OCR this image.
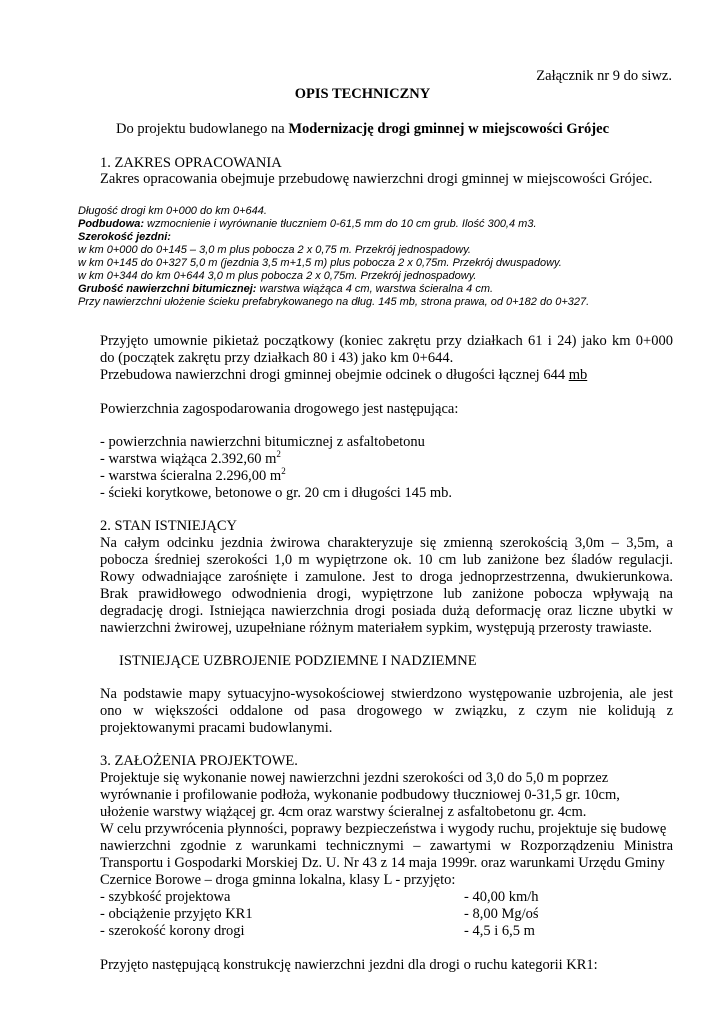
Załącznik nr 9 do siwz.
OPIS TECHNICZNY
Do projektu budowlanego na Modernizację drogi gminnej w miejscowości Grójec
1. ZAKRES OPRACOWANIA
Zakres opracowania obejmuje przebudowę nawierzchni drogi gminnej w miejscowości Grójec.
Długość drogi km 0+000 do km 0+644.
Podbudowa: wzmocnienie i wyrównanie tłuczniem 0-61,5 mm do 10 cm grub. Ilość 300,4 m3.
Szerokość jezdni:
w km 0+000 do 0+145 – 3,0 m plus pobocza 2 x 0,75 m. Przekrój jednospadowy.
w km 0+145 do 0+327 5,0 m (jezdnia 3,5 m+1,5 m) plus pobocza 2 x 0,75m. Przekrój dwuspadowy.
w km 0+344 do km 0+644 3,0 m plus pobocza 2 x 0,75m. Przekrój jednospadowy.
Grubość nawierzchni bitumicznej: warstwa wiążąca 4 cm, warstwa ścieralna 4 cm.
Przy nawierzchni ułożenie ścieku prefabrykowanego na dług. 145 mb, strona prawa, od 0+182 do 0+327.
Przyjęto umownie pikietaż początkowy (koniec zakrętu przy działkach 61 i 24) jako km 0+000
do (początek zakrętu przy działkach 80 i 43) jako km 0+644.
Przebudowa nawierzchni drogi gminnej obejmie odcinek o długości łącznej 644 mb
Powierzchnia zagospodarowania drogowego jest następująca:
- powierzchnia nawierzchni bitumicznej z asfaltobetonu
- warstwa wiążąca 2.392,60 $m^2$
- warstwa ścieralna 2.296,00 $m^2$
- ścieki korytkowe, betonowe o gr. 20 cm i długości 145 mb.
2. STAN ISTNIEJĄCY
Na całym odcinku jezdnia żwirowa charakteryzuje się zmienną szerokością 3,0m – 3,5m, a
pobocza średniej szerokości 1,0 m wypiętrzone ok. 10 cm lub zaniżone bez śladów regulacji.
Rowy odwadniające zarośnięte i zamulone. Jest to droga jednoprzestrzenna, dwukierunkowa.
Brak prawidłowego odwodnienia drogi, wypiętrzone lub zaniżone pobocza wpływają na
degradację drogi. Istniejąca nawierzchnia drogi posiada dużą deformację oraz liczne ubytki w
nawierzchni żwirowej, uzupełniane różnym materiałem sypkim, występują przerosty trawiaste.
ISTNIEJĄCE UZBROJENIE PODZIEMNE I NADZIEMNE
Na podstawie mapy sytuacyjno-wysokościowej stwierdzono występowanie uzbrojenia, ale jest
ono w większości oddalone od pasa drogowego w związku, z czym nie kolidują z
projektowanymi pracami budowlanymi.
3. ZAŁOŻENIA PROJEKTOWE.
Projektuje się wykonanie nowej nawierzchni jezdni szerokości od 3,0 do 5,0 m poprzez
wyrównanie i profilowanie podłoża, wykonanie podbudowy tłuczniowej 0-31,5 gr. 10cm,
ułożenie warstwy wiążącej gr. 4cm oraz warstwy ścieralnej z asfaltobetonu gr. 4cm.
W celu przywrócenia płynności, poprawy bezpieczeństwa i wygody ruchu, projektuje się budowę
nawierzchni zgodnie z warunkami technicznymi – zawartymi w Rozporządzeniu Ministra
Transportu i Gospodarki Morskiej Dz. U. Nr 43 z 14 maja 1999r. oraz warunkami Urzędu Gminy
Czernice Borowe – droga gminna lokalna, klasy L - przyjęto:
- szybkość projektowa	- 40,00 km/h
- obciążenie przyjęto KR1	- 8,00 Mg/oś
- szerokość korony drogi	- 4,5 i 6,5 m
Przyjęto następującą konstrukcję nawierzchni jezdni dla drogi o ruchu kategorii KR1:
